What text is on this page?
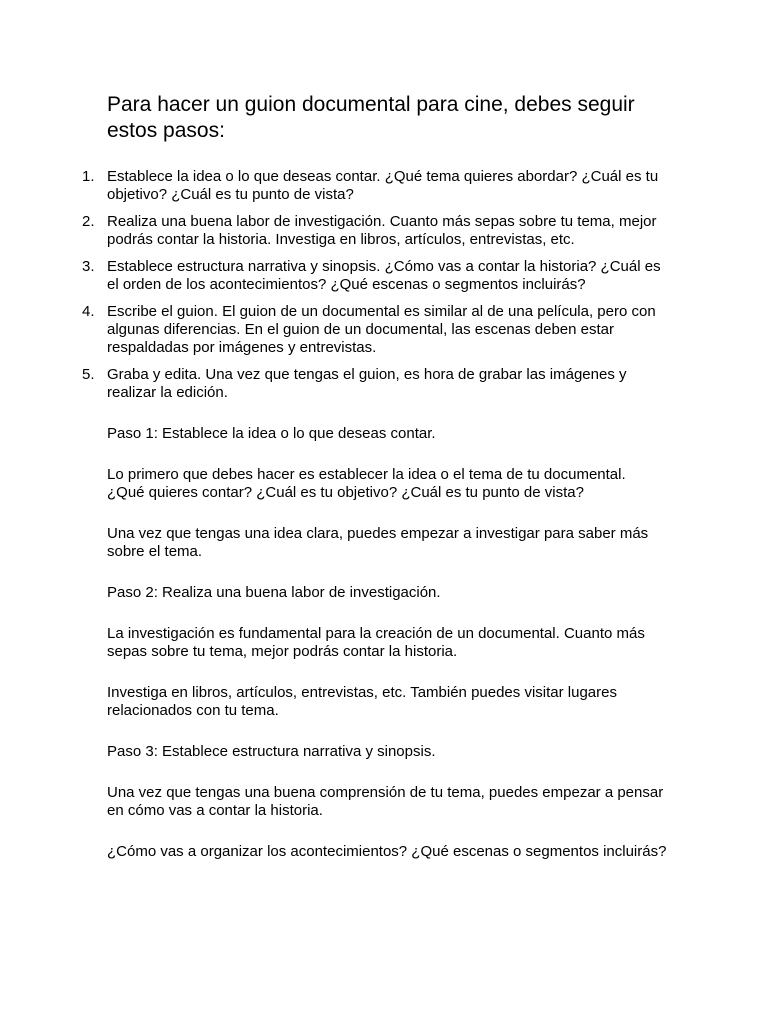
Para hacer un guion documental para cine, debes seguir estos pasos:
1. Establece la idea o lo que deseas contar. ¿Qué tema quieres abordar? ¿Cuál es tu objetivo? ¿Cuál es tu punto de vista?
2. Realiza una buena labor de investigación. Cuanto más sepas sobre tu tema, mejor podrás contar la historia. Investiga en libros, artículos, entrevistas, etc.
3. Establece estructura narrativa y sinopsis. ¿Cómo vas a contar la historia? ¿Cuál es el orden de los acontecimientos? ¿Qué escenas o segmentos incluirás?
4. Escribe el guion. El guion de un documental es similar al de una película, pero con algunas diferencias. En el guion de un documental, las escenas deben estar respaldadas por imágenes y entrevistas.
5. Graba y edita. Una vez que tengas el guion, es hora de grabar las imágenes y realizar la edición.

Paso 1: Establece la idea o lo que deseas contar.

Lo primero que debes hacer es establecer la idea o el tema de tu documental. ¿Qué quieres contar? ¿Cuál es tu objetivo? ¿Cuál es tu punto de vista?

Una vez que tengas una idea clara, puedes empezar a investigar para saber más sobre el tema.

Paso 2: Realiza una buena labor de investigación.

La investigación es fundamental para la creación de un documental. Cuanto más sepas sobre tu tema, mejor podrás contar la historia.

Investiga en libros, artículos, entrevistas, etc. También puedes visitar lugares relacionados con tu tema.

Paso 3: Establece estructura narrativa y sinopsis.

Una vez que tengas una buena comprensión de tu tema, puedes empezar a pensar en cómo vas a contar la historia.

¿Cómo vas a organizar los acontecimientos? ¿Qué escenas o segmentos incluirás?
